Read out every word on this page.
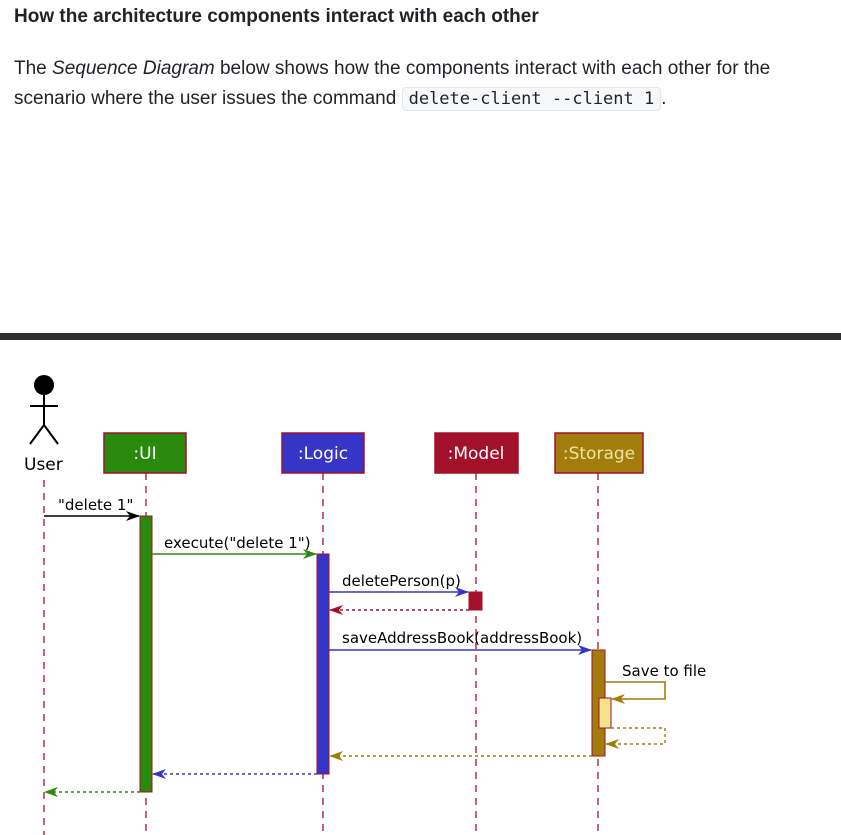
How the architecture components interact with each other

The Sequence Diagram below shows how the components interact with each other for the scenario where the user issues the command delete-client --client 1 .

User
:UI	:Logic	:Model	:Storage
"delete 1"
execute("delete 1")
deletePerson(p)
saveAddressBook(addressBook)
Save to file
